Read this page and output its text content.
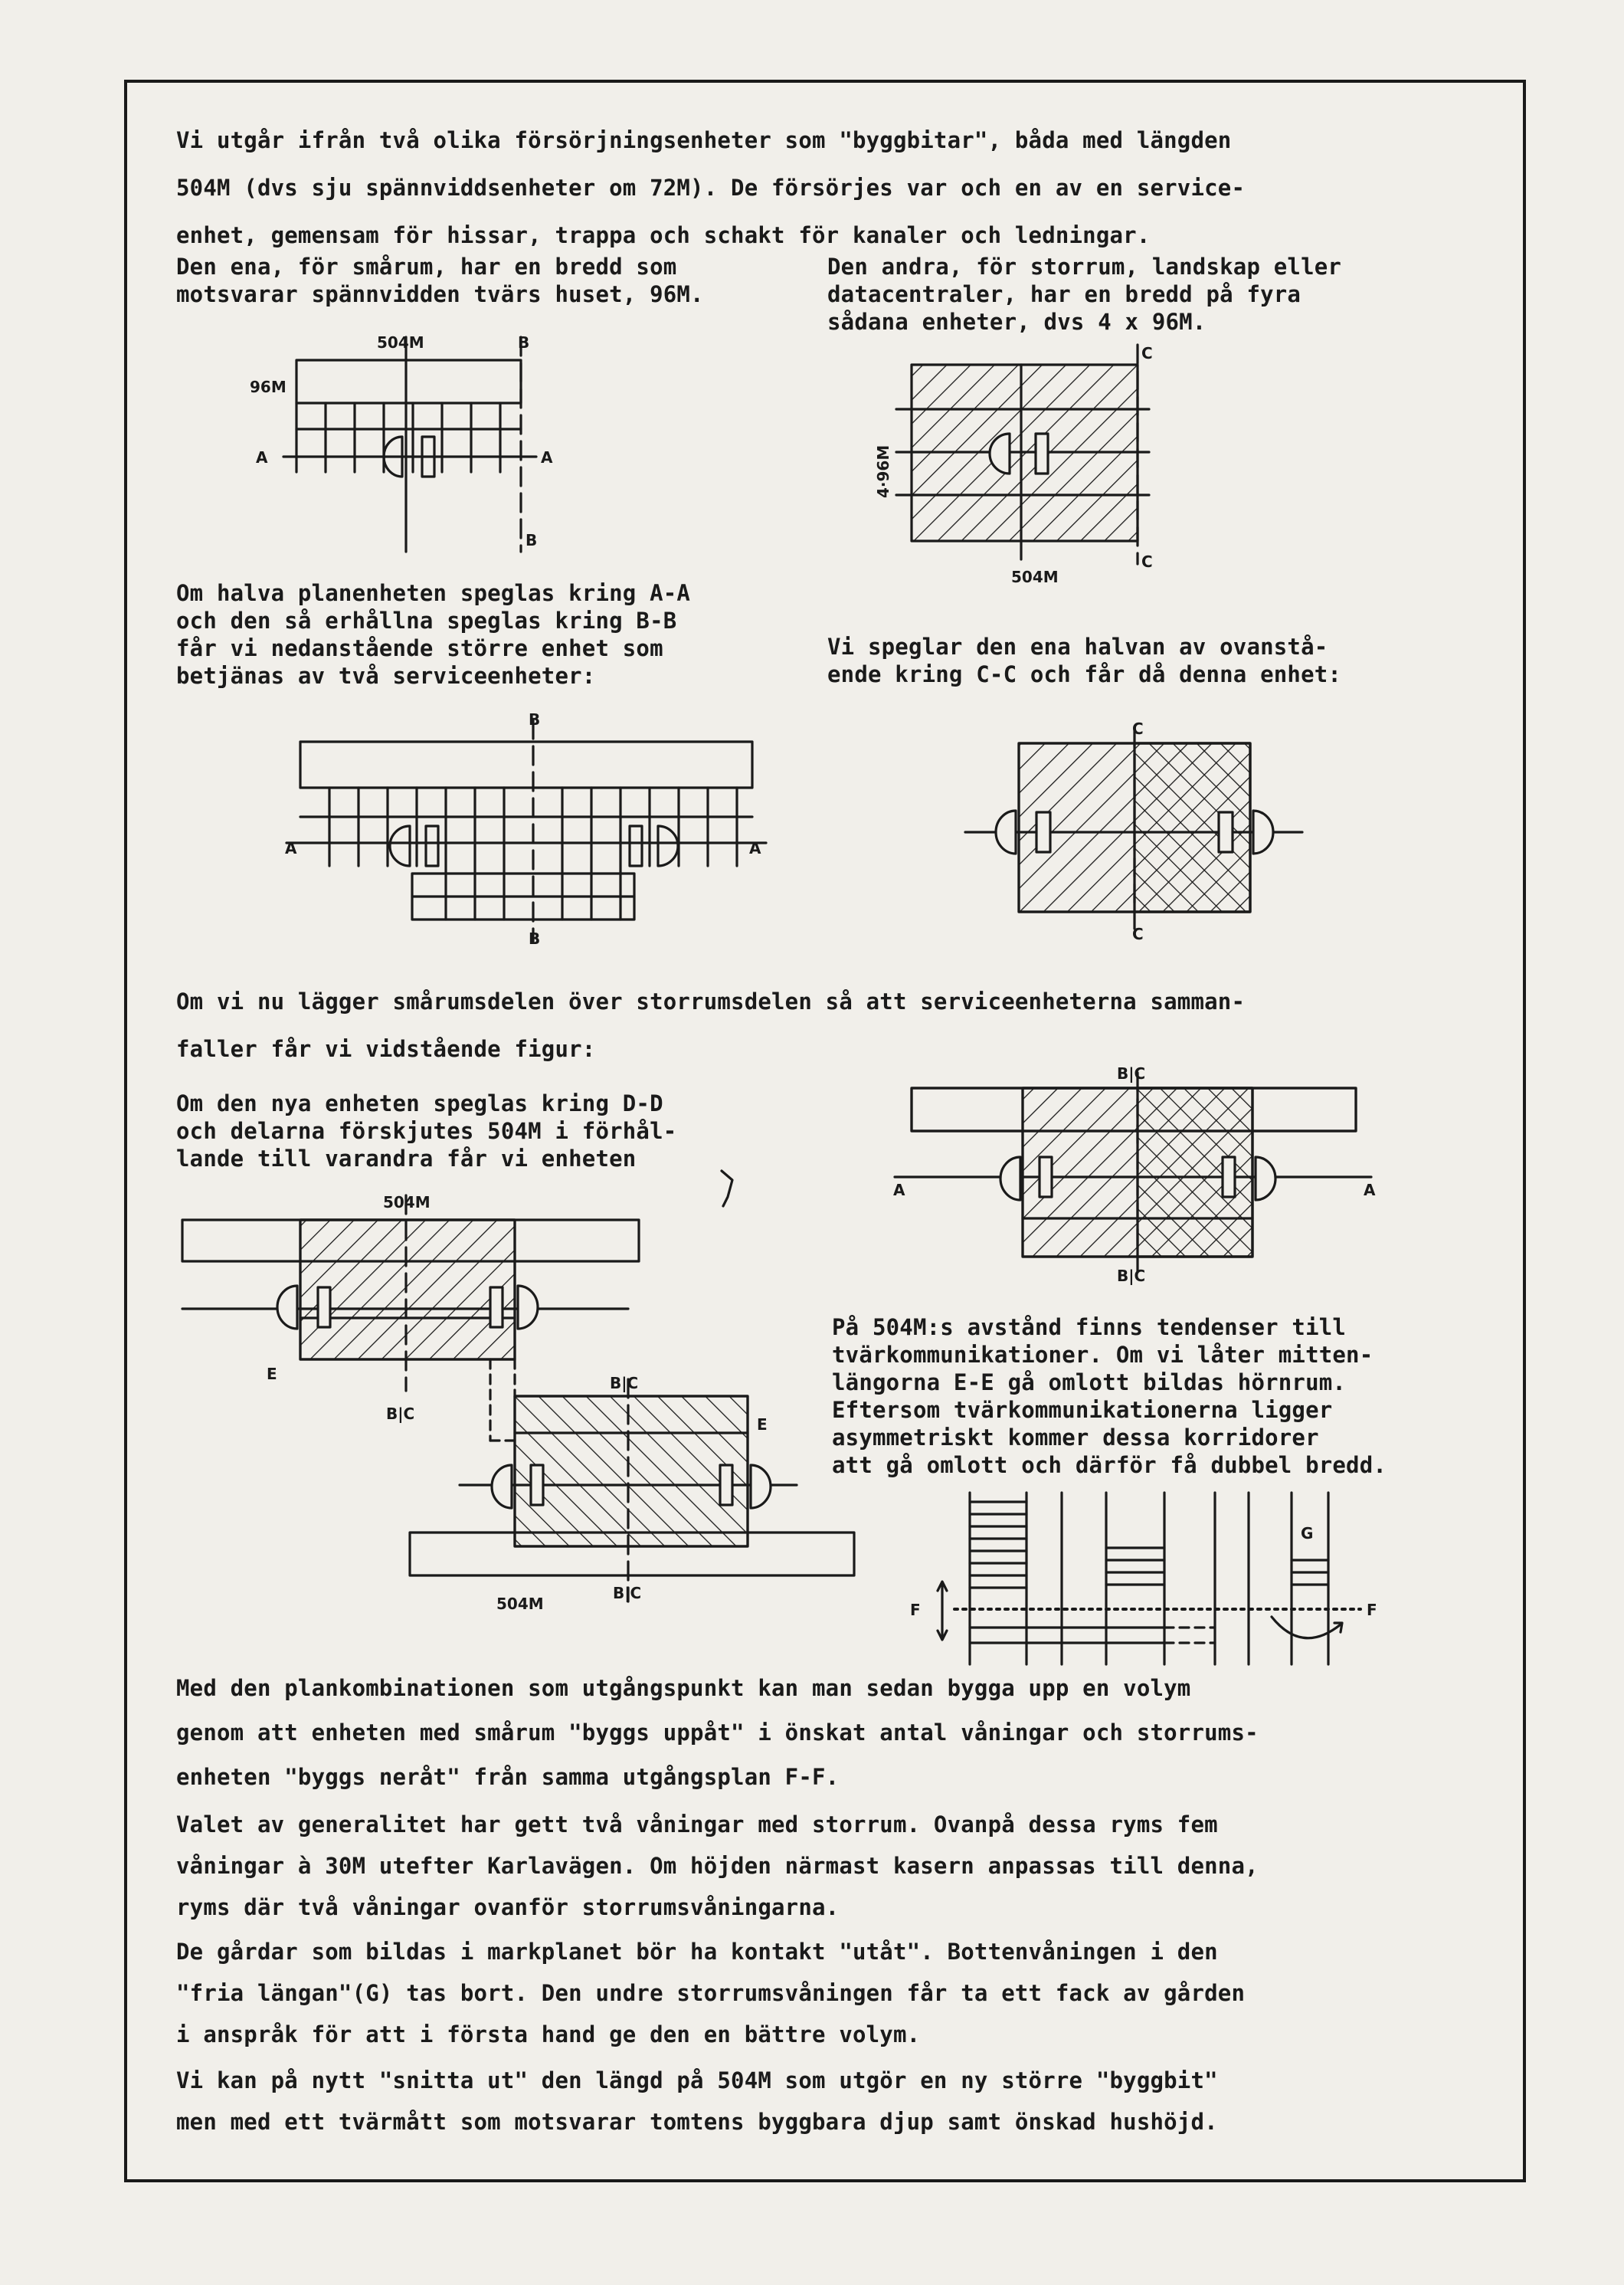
Vi utgår ifrån två olika försörjningsenheter som "byggbitar", båda med längden
504M (dvs sju spännviddsenheter om 72M). De försörjes var och en av en service-
enhet, gemensam för hissar, trappa och schakt för kanaler och ledningar.

Den ena, för smårum, har en bredd som
motsvarar spännvidden tvärs huset, 96M.

Den andra, för storrum, landskap eller
datacentraler, har en bredd på fyra
sådana enheter, dvs 4 x 96M.

Om halva planenheten speglas kring A-A
och den så erhållna speglas kring B-B
får vi nedanstående större enhet som
betjänas av två serviceenheter:

Vi speglar den ena halvan av ovanstå-
ende kring C-C och får då denna enhet:

Om vi nu lägger smårumsdelen över storrumsdelen så att serviceenheterna samman-
faller får vi vidstående figur:

Om den nya enheten speglas kring D-D
och delarna förskjutes 504M i förhål-
lande till varandra får vi enheten

På 504M:s avstånd finns tendenser till
tvärkommunikationer. Om vi låter mitten-
längorna E-E gå omlott bildas hörnrum.
Eftersom tvärkommunikationerna ligger
asymmetriskt kommer dessa korridorer
att gå omlott och därför få dubbel bredd.

Med den plankombinationen som utgångspunkt kan man sedan bygga upp en volym
genom att enheten med smårum "byggs uppåt" i önskat antal våningar och storrums-
enheten "byggs neråt" från samma utgångsplan F-F.

Valet av generalitet har gett två våningar med storrum. Ovanpå dessa ryms fem
våningar à 30M utefter Karlavägen. Om höjden närmast kasern anpassas till denna,
ryms där två våningar ovanför storrumsvåningarna.

De gårdar som bildas i markplanet bör ha kontakt "utåt". Bottenvåningen i den
"fria längan"(G) tas bort. Den undre storrumsvåningen får ta ett fack av gården
i anspråk för att i första hand ge den en bättre volym.

Vi kan på nytt "snitta ut" den längd på 504M som utgör en ny större "byggbit"
men med ett tvärmått som motsvarar tomtens byggbara djup samt önskad hushöjd.

504M	B
96M
A	A
B
4·96M
C
C
504M
B
A	A
B
C
C
B|C
A	A
B|C
504M
E
B|C
B|C
E
504M
B|C
F	F
G
